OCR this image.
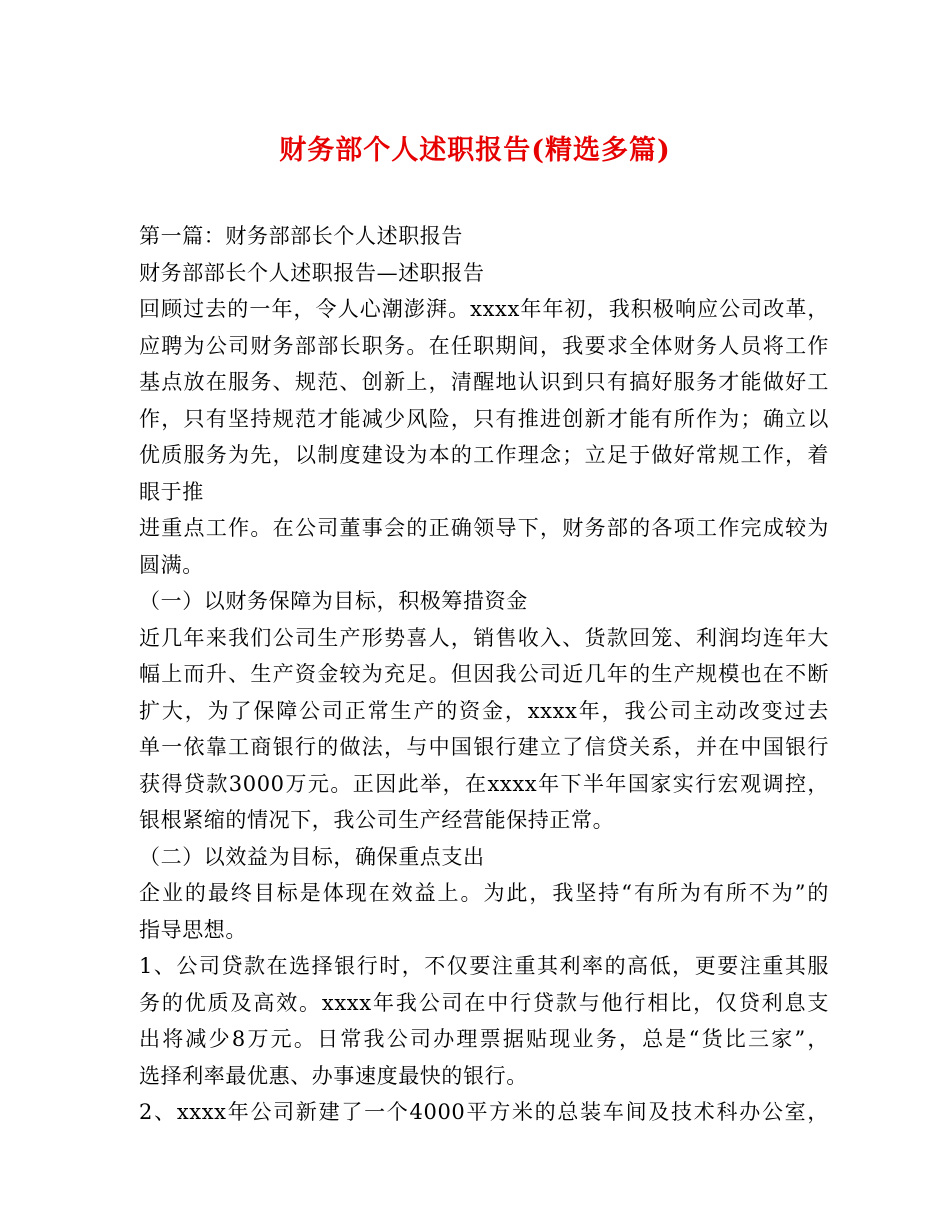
财务部个人述职报告(精选多篇)
第一篇：财务部部长个人述职报告
财务部部长个人述职报告—述职报告
回顾过去的一年，令人心潮澎湃。xxxx年年初，我积极响应公司改革，
应聘为公司财务部部长职务。在任职期间，我要求全体财务人员将工作
基点放在服务、规范、创新上，清醒地认识到只有搞好服务才能做好工
作，只有坚持规范才能减少风险，只有推进创新才能有所作为；确立以
优质服务为先，以制度建设为本的工作理念；立足于做好常规工作，着
眼于推
进重点工作。在公司董事会的正确领导下，财务部的各项工作完成较为
圆满。
（一）以财务保障为目标，积极筹措资金
近几年来我们公司生产形势喜人，销售收入、货款回笼、利润均连年大
幅上而升、生产资金较为充足。但因我公司近几年的生产规模也在不断
扩大，为了保障公司正常生产的资金，xxxx年，我公司主动改变过去
单一依靠工商银行的做法，与中国银行建立了信贷关系，并在中国银行
获得贷款3000万元。正因此举，在xxxx年下半年国家实行宏观调控，
银根紧缩的情况下，我公司生产经营能保持正常。
（二）以效益为目标，确保重点支出
企业的最终目标是体现在效益上。为此，我坚持“有所为有所不为”的
指导思想。
1、公司贷款在选择银行时，不仅要注重其利率的高低，更要注重其服
务的优质及高效。xxxx年我公司在中行贷款与他行相比，仅贷利息支
出将减少8万元。日常我公司办理票据贴现业务，总是“货比三家”，
选择利率最优惠、办事速度最快的银行。
2、xxxx年公司新建了一个4000平方米的总装车间及技术科办公室，
